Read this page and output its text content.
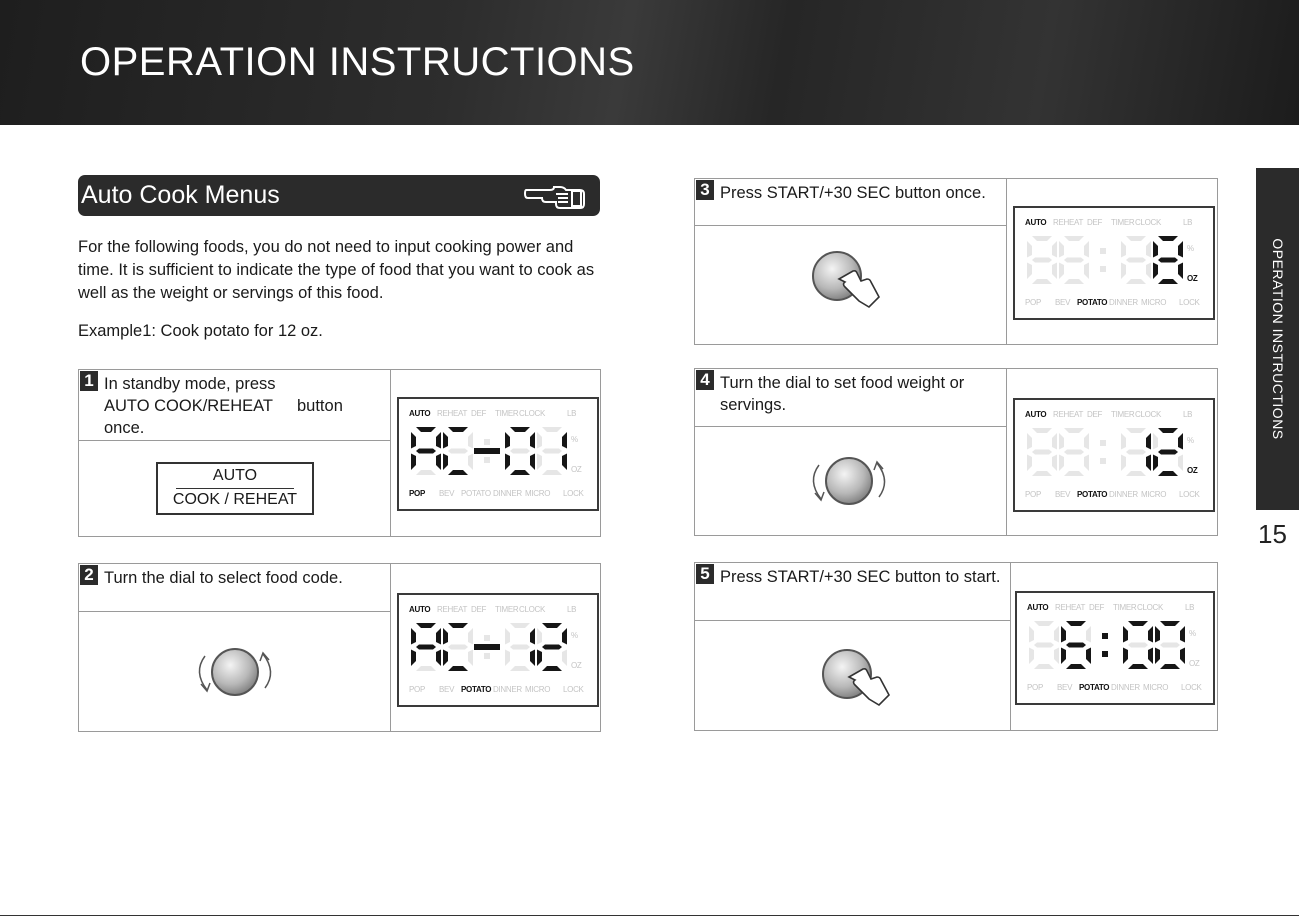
OPERATION INSTRUCTIONS
OPERATION INSTRUCTIONS
15
Auto Cook Menus
For the following foods, you do not need to input cooking power and time. It is sufficient to indicate the type of food that you want to cook as well as the weight or servings of this food.
Example1: Cook potato for 12 oz.
1 In standby mode, press
AUTO COOK/REHEAT button
once.
AUTO
COOK / REHEAT
AUTO REHEAT DEF TIMER CLOCK	LB
%
OZ
POP BEV POTATO DINNER MICRO LOCK
2 Turn the dial to select food code.
AUTO REHEAT DEF TIMER CLOCK	LB
%
OZ
POP BEV POTATO DINNER MICRO LOCK
3 Press START/+30 SEC button once.
AUTO REHEAT DEF TIMER CLOCK	LB
%
OZ
POP BEV POTATO DINNER MICRO LOCK
4 Turn the dial to set food weight or
servings.
AUTO REHEAT DEF TIMER CLOCK	LB
%
OZ
POP BEV POTATO DINNER MICRO LOCK
5 Press START/+30 SEC button to start.
AUTO REHEAT DEF TIMER CLOCK	LB
%
OZ
POP BEV POTATO DINNER MICRO LOCK
